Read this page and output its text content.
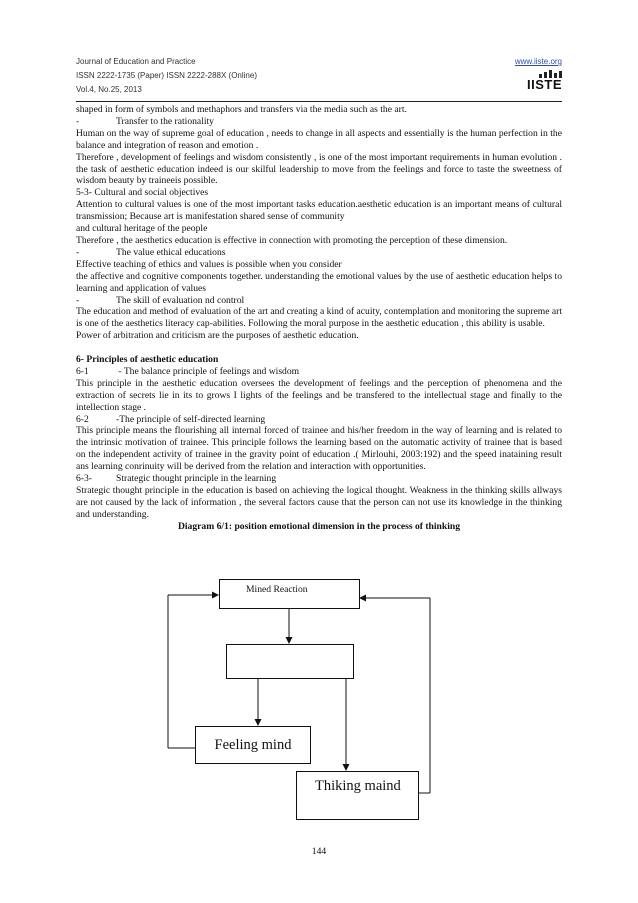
Journal of Education and Practice
ISSN 2222-1735 (Paper) ISSN 2222-288X (Online)
Vol.4, No.25, 2013
www.iiste.org
IISTE

shaped in form of symbols and methaphors and transfers via the media such as the art.

-	Transfer to the rationality

Human on the way of supreme goal of education , needs to change in all aspects and essentially is the human perfection in the balance and integration of reason and emotion .

Therefore , development of feelings and wisdom consistently , is one of the most important requirements in human evolution . the task of aesthetic education indeed is our skilful leadership to move from the feelings and force to taste the sweetness of wisdom beauty by traineeis possible.

5-3- Cultural and social objectives

Attention to cultural values is one of the most important tasks education.aesthetic education is an important means of cultural transmission; Because art is manifestation shared sense of community

and cultural heritage of the people

Therefore , the aesthetics education is effective in connection with promoting the perception of these dimension.

-	The value ethical educations

Effective teaching of ethics and values is possible when you consider

the affective and cognitive components together. understanding the emotional values by the use of aesthetic education helps to learning and application of values

-	The skill of evaluation nd control

The education and method of evaluation of the art and creating a kind of acuity, contemplation and monitoring the supreme art is one of the aesthetics literacy cap-abilities. Following the moral purpose in the aesthetic education , this ability is usable.

Power of arbitration and criticism are the purposes of aesthetic education.

6- Principles of aesthetic education

6-1	- The balance principle of feelings and wisdom

This principle in the aesthetic education oversees the development of feelings and the perception of phenomena and the extraction of secrets lie in its to grows I lights of the feelings and be transfered to the intellectual stage and finally to the intellection stage .

6-2	-The principle of self-directed learning

This principle means the flourishing all internal forced of trainee and his/her freedom in the way of learning and is related to the intrinsic motivation of trainee. This principle follows the learning based on the automatic activity of trainee that is based on the independent activity of trainee in the gravity point of education .( Mirlouhi, 2003:192) and the speed inataining result ans learning conrinuity will be derived from the relation and interaction with opportunities.

6-3-	Strategic thought principle in the learning

Strategic thought principle in the education is based on achieving the logical thought. Weakness in the thinking skills allways are not caused by the lack of information , the several factors cause that the person can not use its knowledge in the thinking and understanding.

Diagram 6/1: position emotional dimension in the process of thinking

Mined Reaction
Feeling mind
Thiking maind
144
